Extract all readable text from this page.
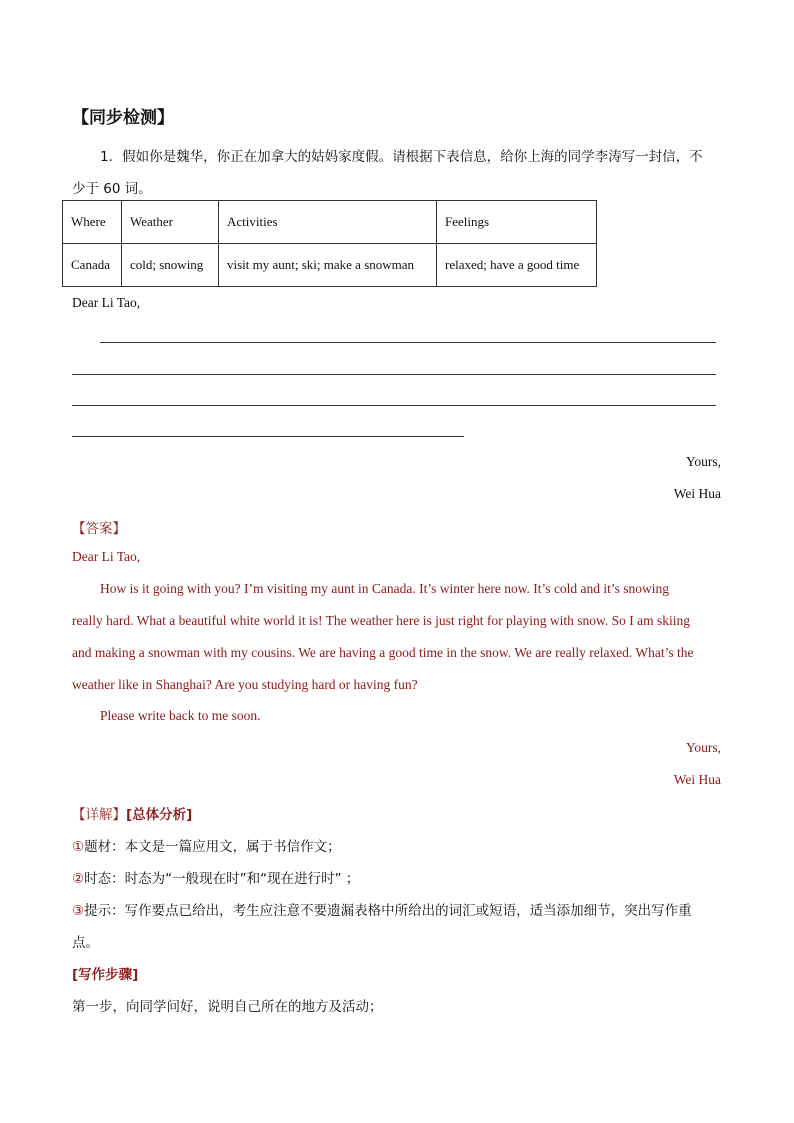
【同步检测】
1．假如你是魏华，你正在加拿大的姑妈家度假。请根据下表信息，给你上海的同学李涛写一封信，不
少于 60 词。
Where	Weather	Activities	Feelings
Canada	cold; snowing	visit my aunt; ski; make a snowman	relaxed; have a good time
Dear Li Tao,
Yours,
Wei Hua
【答案】
Dear Li Tao,
How is it going with you? I’m visiting my aunt in Canada. It’s winter here now. It’s cold and it’s snowing
really hard. What a beautiful white world it is! The weather here is just right for playing with snow. So I am skiing
and making a snowman with my cousins. We are having a good time in the snow. We are really relaxed. What’s the
weather like in Shanghai? Are you studying hard or having fun?
Please write back to me soon.
Yours,
Wei Hua
【详解】[总体分析]
①题材：本文是一篇应用文，属于书信作文；
②时态：时态为“一般现在时”和“现在进行时” ；
③提示：写作要点已给出，考生应注意不要遗漏表格中所给出的词汇或短语，适当添加细节，突出写作重
点。
[写作步骤]
第一步，向同学问好，说明自己所在的地方及活动；
